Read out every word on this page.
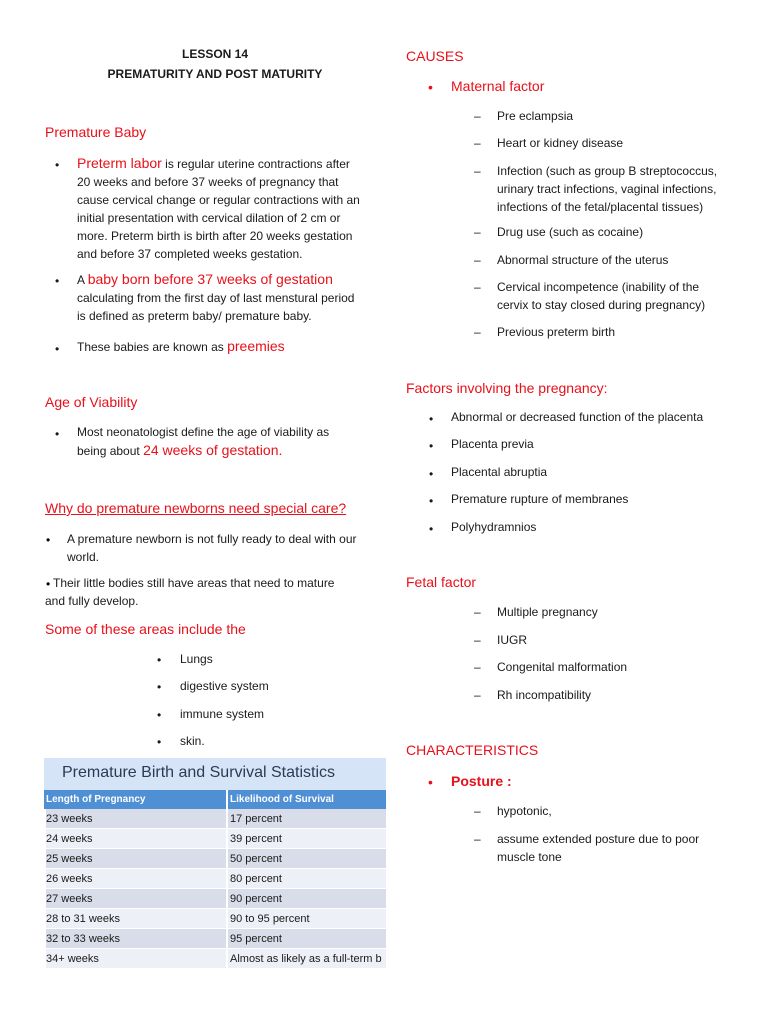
LESSON 14
PREMATURITY AND POST MATURITY
Premature Baby
• Preterm labor is regular uterine contractions after
20 weeks and before 37 weeks of pregnancy that
cause cervical change or regular contractions with an
initial presentation with cervical dilation of 2 cm or
more. Preterm birth is birth after 20 weeks gestation
and before 37 completed weeks gestation.
• A baby born before 37 weeks of gestation
calculating from the first day of last menstural period
is defined as preterm baby/ premature baby.
• These babies are known as preemies
Age of Viability
• Most neonatologist define the age of viability as
being about 24 weeks of gestation.
Why do premature newborns need special care?
• A premature newborn is not fully ready to deal with our
world.
• Their little bodies still have areas that need to mature
and fully develop.
Some of these areas include the
• Lungs
• digestive system
• immune system
• skin.
Premature Birth and Survival Statistics
Length of Pregnancy	Likelihood of Survival
23 weeks	17 percent
24 weeks	39 percent
25 weeks	50 percent
26 weeks	80 percent
27 weeks	90 percent
28 to 31 weeks	90 to 95 percent
32 to 33 weeks	95 percent
34+ weeks	Almost as likely as a full-term b
CAUSES
• Maternal factor
– Pre eclampsia
– Heart or kidney disease
– Infection (such as group B streptococcus,
urinary tract infections, vaginal infections,
infections of the fetal/placental tissues)
– Drug use (such as cocaine)
– Abnormal structure of the uterus
– Cervical incompetence (inability of the
cervix to stay closed during pregnancy)
– Previous preterm birth
Factors involving the pregnancy:
• Abnormal or decreased function of the placenta
• Placenta previa
• Placental abruptia
• Premature rupture of membranes
• Polyhydramnios
Fetal factor
– Multiple pregnancy
– IUGR
– Congenital malformation
– Rh incompatibility
CHARACTERISTICS
• Posture :
– hypotonic,
– assume extended posture due to poor
muscle tone
